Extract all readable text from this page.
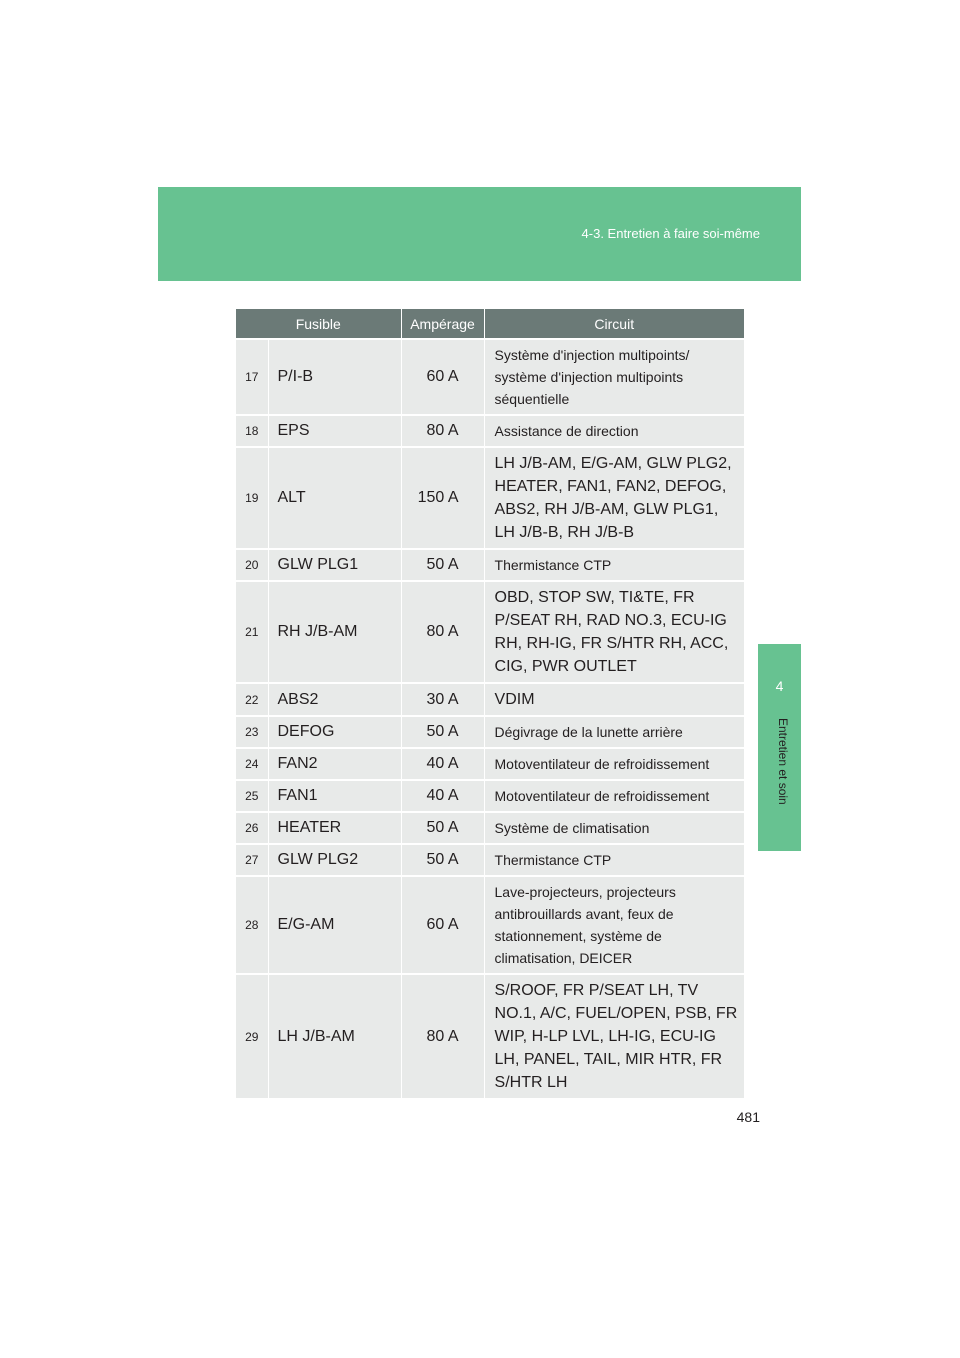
4-3. Entretien à faire soi-même
4
Entretien et soin
Fusible		Ampérage	Circuit
17	P/I-B	60 A	Système d'injection multipoints/ système d'injection multipoints séquentielle
18	EPS	80 A	Assistance de direction
19	ALT	150 A	LH J/B-AM, E/G-AM, GLW PLG2, HEATER, FAN1, FAN2, DEFOG, ABS2, RH J/B-AM, GLW PLG1, LH J/B-B, RH J/B-B
20	GLW PLG1	50 A	Thermistance CTP
21	RH J/B-AM	80 A	OBD, STOP SW, TI&TE, FR P/SEAT RH, RAD NO.3, ECU-IG RH, RH-IG, FR S/HTR RH, ACC, CIG, PWR OUTLET
22	ABS2	30 A	VDIM
23	DEFOG	50 A	Dégivrage de la lunette arrière
24	FAN2	40 A	Motoventilateur de refroidissement
25	FAN1	40 A	Motoventilateur de refroidissement
26	HEATER	50 A	Système de climatisation
27	GLW PLG2	50 A	Thermistance CTP
28	E/G-AM	60 A	Lave-projecteurs, projecteurs antibrouillards avant, feux de stationnement, système de climatisation, DEICER
29	LH J/B-AM	80 A	S/ROOF, FR P/SEAT LH, TV NO.1, A/C, FUEL/OPEN, PSB, FR WIP, H-LP LVL, LH-IG, ECU-IG LH, PANEL, TAIL, MIR HTR, FR S/HTR LH
481
